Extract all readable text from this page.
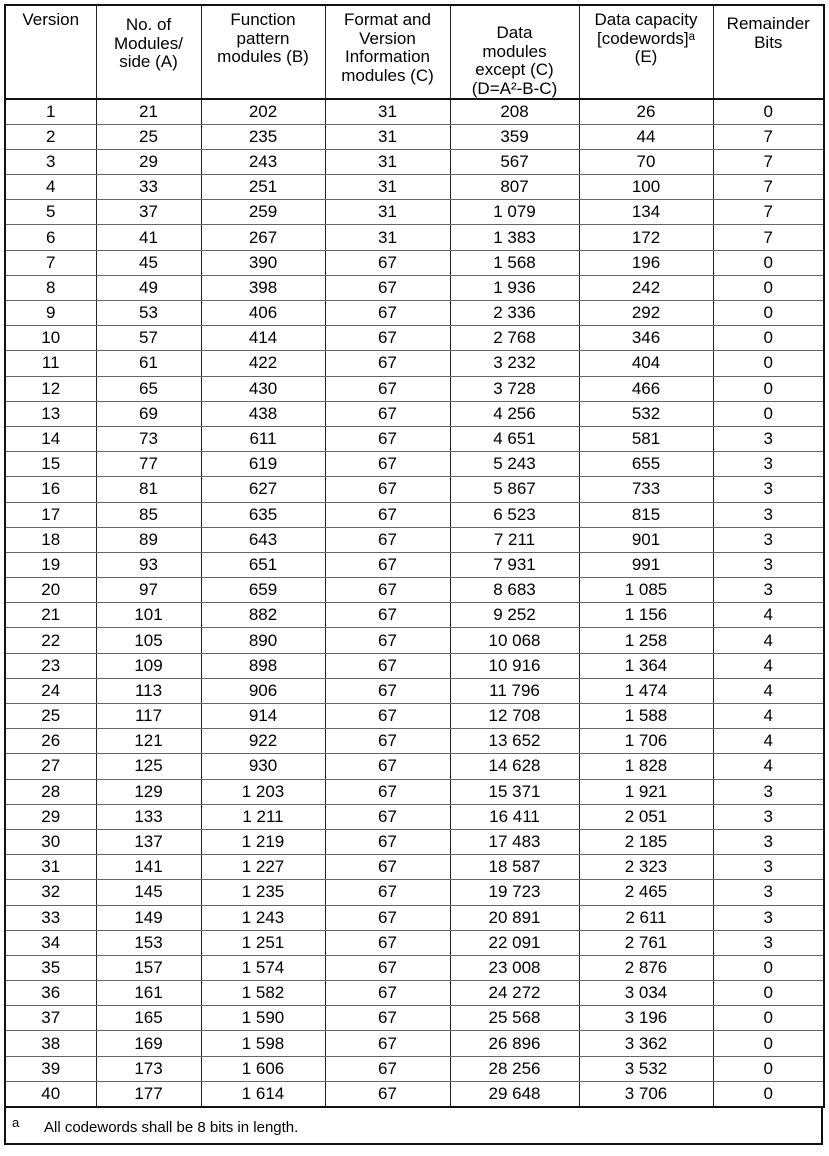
Version	No. of
Modules/
side (A)	Function
pattern
modules (B)	Format and
Version
Information
modules (C)	Data
modules
except (C)
(D=A²-B-C)	Data capacity
[codewords]ᵃ
(E)	Remainder
Bits

1	21	202	31	208	26	0
2	25	235	31	359	44	7
3	29	243	31	567	70	7
4	33	251	31	807	100	7
5	37	259	31	1 079	134	7
6	41	267	31	1 383	172	7
7	45	390	67	1 568	196	0
8	49	398	67	1 936	242	0
9	53	406	67	2 336	292	0
10	57	414	67	2 768	346	0
11	61	422	67	3 232	404	0
12	65	430	67	3 728	466	0
13	69	438	67	4 256	532	0
14	73	611	67	4 651	581	3
15	77	619	67	5 243	655	3
16	81	627	67	5 867	733	3
17	85	635	67	6 523	815	3
18	89	643	67	7 211	901	3
19	93	651	67	7 931	991	3
20	97	659	67	8 683	1 085	3
21	101	882	67	9 252	1 156	4
22	105	890	67	10 068	1 258	4
23	109	898	67	10 916	1 364	4
24	113	906	67	11 796	1 474	4
25	117	914	67	12 708	1 588	4
26	121	922	67	13 652	1 706	4
27	125	930	67	14 628	1 828	4
28	129	1 203	67	15 371	1 921	3
29	133	1 211	67	16 411	2 051	3
30	137	1 219	67	17 483	2 185	3
31	141	1 227	67	18 587	2 323	3
32	145	1 235	67	19 723	2 465	3
33	149	1 243	67	20 891	2 611	3
34	153	1 251	67	22 091	2 761	3
35	157	1 574	67	23 008	2 876	0
36	161	1 582	67	24 272	3 034	0
37	165	1 590	67	25 568	3 196	0
38	169	1 598	67	26 896	3 362	0
39	173	1 606	67	28 256	3 532	0
40	177	1 614	67	29 648	3 706	0
a All codewords shall be 8 bits in length.
